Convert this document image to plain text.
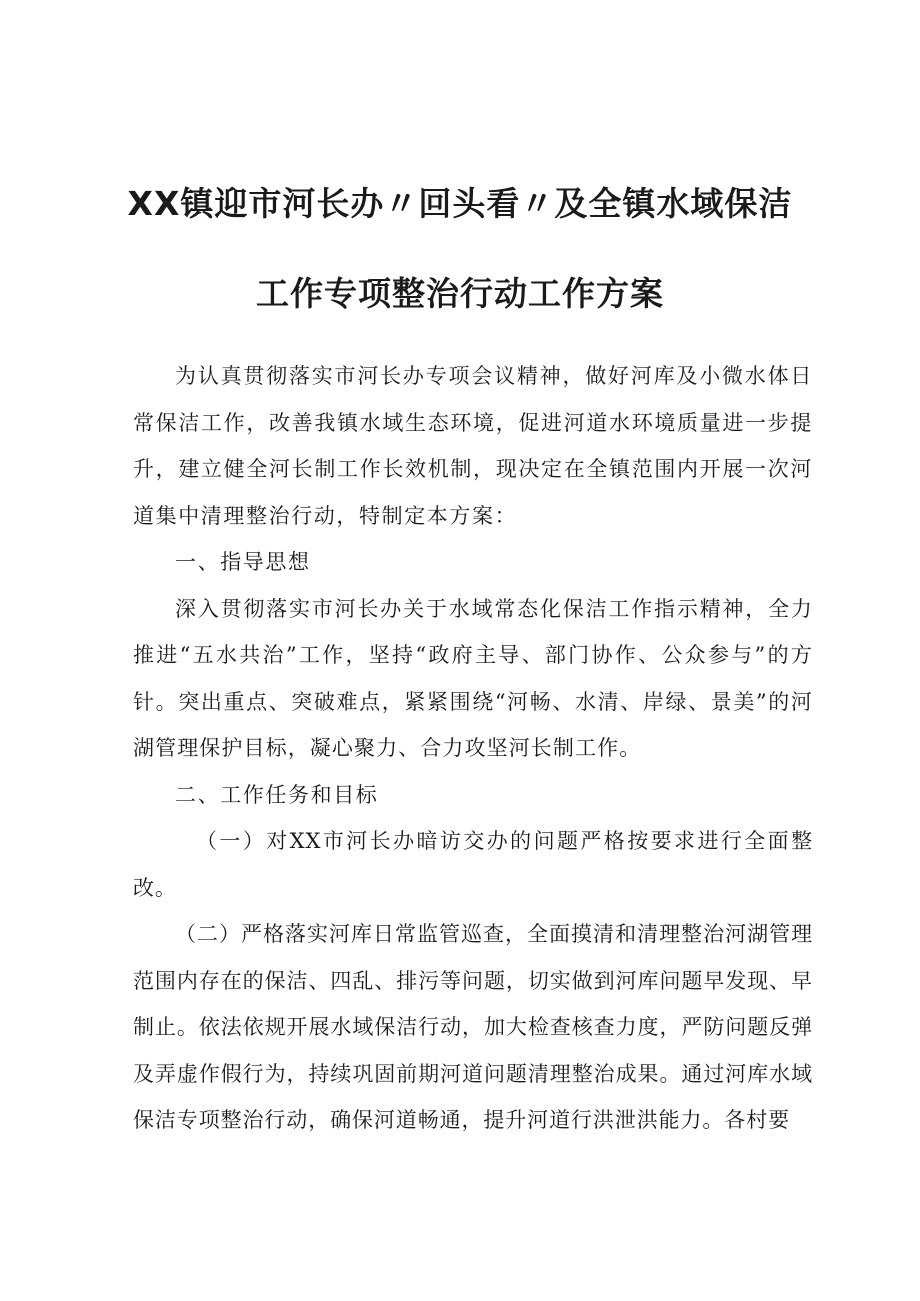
XX镇迎市河长办〃回头看〃及全镇水域保洁
工作专项整治行动工作方案

为认真贯彻落实市河长办专项会议精神，做好河库及小微水体日常保洁工作，改善我镇水域生态环境，促进河道水环境质量进一步提升，建立健全河长制工作长效机制，现决定在全镇范围内开展一次河道集中清理整治行动，特制定本方案：

一、指导思想

深入贯彻落实市河长办关于水域常态化保洁工作指示精神，全力推进“五水共治”工作，坚持“政府主导、部门协作、公众参与”的方针。突出重点、突破难点，紧紧围绕“河畅、水清、岸绿、景美”的河湖管理保护目标，凝心聚力、合力攻坚河长制工作。

二、工作任务和目标

（一）对XX市河长办暗访交办的问题严格按要求进行全面整改。

（二）严格落实河库日常监管巡查，全面摸清和清理整治河湖管理范围内存在的保洁、四乱、排污等问题，切实做到河库问题早发现、早制止。依法依规开展水域保洁行动，加大检查核查力度，严防问题反弹及弄虚作假行为，持续巩固前期河道问题清理整治成果。通过河库水域保洁专项整治行动，确保河道畅通，提升河道行洪泄洪能力。各村要
